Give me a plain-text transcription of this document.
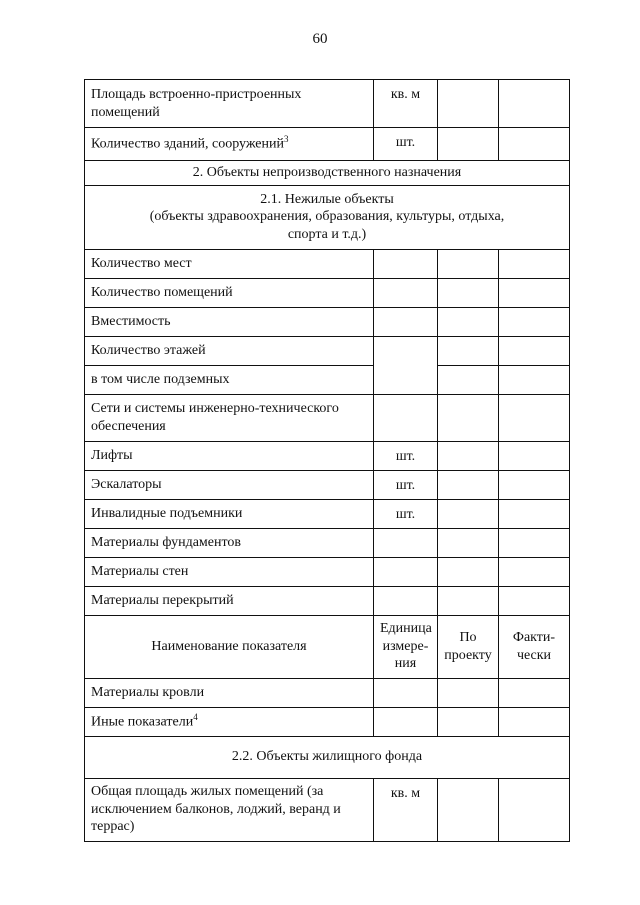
60
Площадь встроенно-пристроенных помещений	кв. м		
Количество зданий, сооружений$^3$	шт.		
2. Объекты непроизводственного назначения			

2.1. Нежилые объекты
(объекты здравоохранения, образования, культуры, отдыха,
спорта и т.д.)			

Количество мест			
Количество помещений			
Вместимость			
Количество этажей			
в том числе подземных			
Сети и системы инженерно-технического обеспечения			
Лифты	шт.		
Эскалаторы	шт.		
Инвалидные подъемники	шт.		
Материалы фундаментов			
Материалы стен			
Материалы перекрытий			
Наименование показателя	Единица измере- ния	По проекту	Факти- чески
Материалы кровли			
Иные показатели$^4$			
2.2. Объекты жилищного фонда			
Общая площадь жилых помещений (за исключением балконов, лоджий, веранд и террас)	кв. м		
